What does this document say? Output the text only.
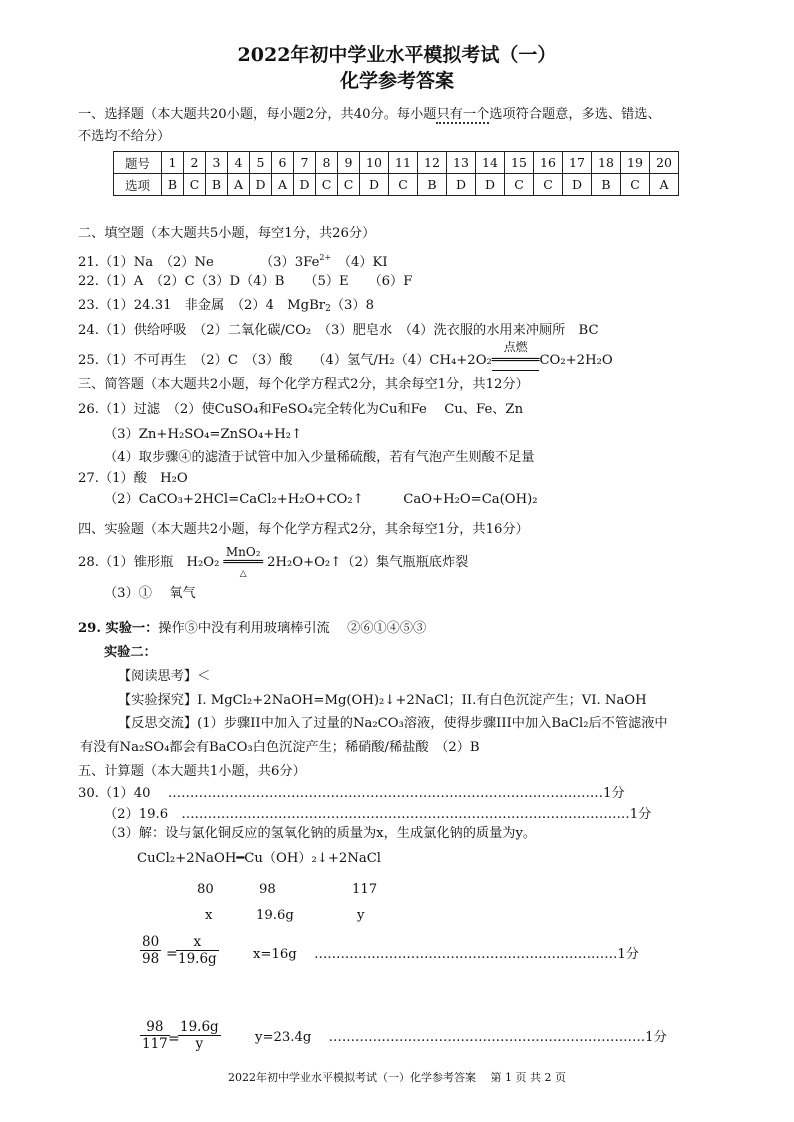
2022年初中学业水平模拟考试（一）
化学参考答案
一、选择题（本大题共20小题，每小题2分，共40分。每小题只有一个选项符合题意，多选、错选、
不选均不给分）
题号	1	2	3	4	5	6	7	8	9	10	11	12	13	14	15	16	17	18	19	20
选项	B	C	B	A	D	A	D	C	C	D	C	B	D	D	C	C	D	B	C	A
二、填空题（本大题共5小题，每空1分，共26分）
21.（1）Na　（2）Ne　　　　$(3)3Fe^{2+}$　（4）KI
22.（1）A　（2）C（3）D（4）B　　（5）E　　（6）F
23.（1）24.31　非金属　（2）4　MgBr$_2$（3）8
24.（1）供给呼吸　（2）二氧化碳/CO₂　（3）肥皂水　（4）洗衣服的水用来冲厕所　BC
25.（1）不可再生　（2）C　（3）酸　　（4）氢气/H₂（4）CH₄+2O₂
点燃
══════CO₂+2H₂O
三、简答题（本大题共2小题，每个化学方程式2分，其余每空1分，共12分）
26.（1）过滤　（2）使CuSO₄和FeSO₄完全转化为Cu和Fe　 Cu、Fe、Zn
（3）Zn+H₂SO₄=ZnSO₄+H₂↑
（4）取步骤④的滤渣于试管中加入少量稀硫酸，若有气泡产生则酸不足量
27.（1）酸　H₂O
（2）CaCO₃+2HCl=CaCl₂+H₂O+CO₂↑　　　CaO+H₂O=Ca(OH)₂
四、实验题（本大题共2小题，每个化学方程式2分，其余每空1分，共16分）
28.（1）锥形瓶　H₂O₂
MnO₂
═════
△
2H₂O+O₂↑（2）集气瓶瓶底炸裂
（3）①　 氧气
29. 实验一：操作⑤中没有利用玻璃棒引流　 ②⑥①④⑤③
实验二：
【阅读思考】＜
【实验探究】I. MgCl₂+2NaOH=Mg(OH)₂↓+2NaCl；II.有白色沉淀产生；VI. NaOH
【反思交流】(1）步骤II中加入了过量的Na₂CO₃溶液，使得步骤III中加入BaCl₂后不管滤液中
有没有Na₂SO₄都会有BaCO₃白色沉淀产生；稀硝酸/稀盐酸　（2）B
五、计算题（本大题共1小题，共6分）
30.（1）40　 ………………………………………………………………………………………1分
（2）19.6　…………………………………………………………………………………………1分
（3）解：设与氯化铜反应的氢氧化钠的质量为x，生成氯化钠的质量为y。
CuCl₂+2NaOH━Cu（OH）₂↓+2NaCl
80	98	117
x	19.6g	y
$\frac{80}{98}$ =
$\frac{x}{19.6g}$	x=16g　 ……………………………………………………………1分
$\frac{98}{117}$
=
$\frac{19.6g}{y}$	y=23.4g　 ………………………………………………………………1分
2022年初中学业水平模拟考试（一）化学参考答案　 第 1 页 共 2 页
